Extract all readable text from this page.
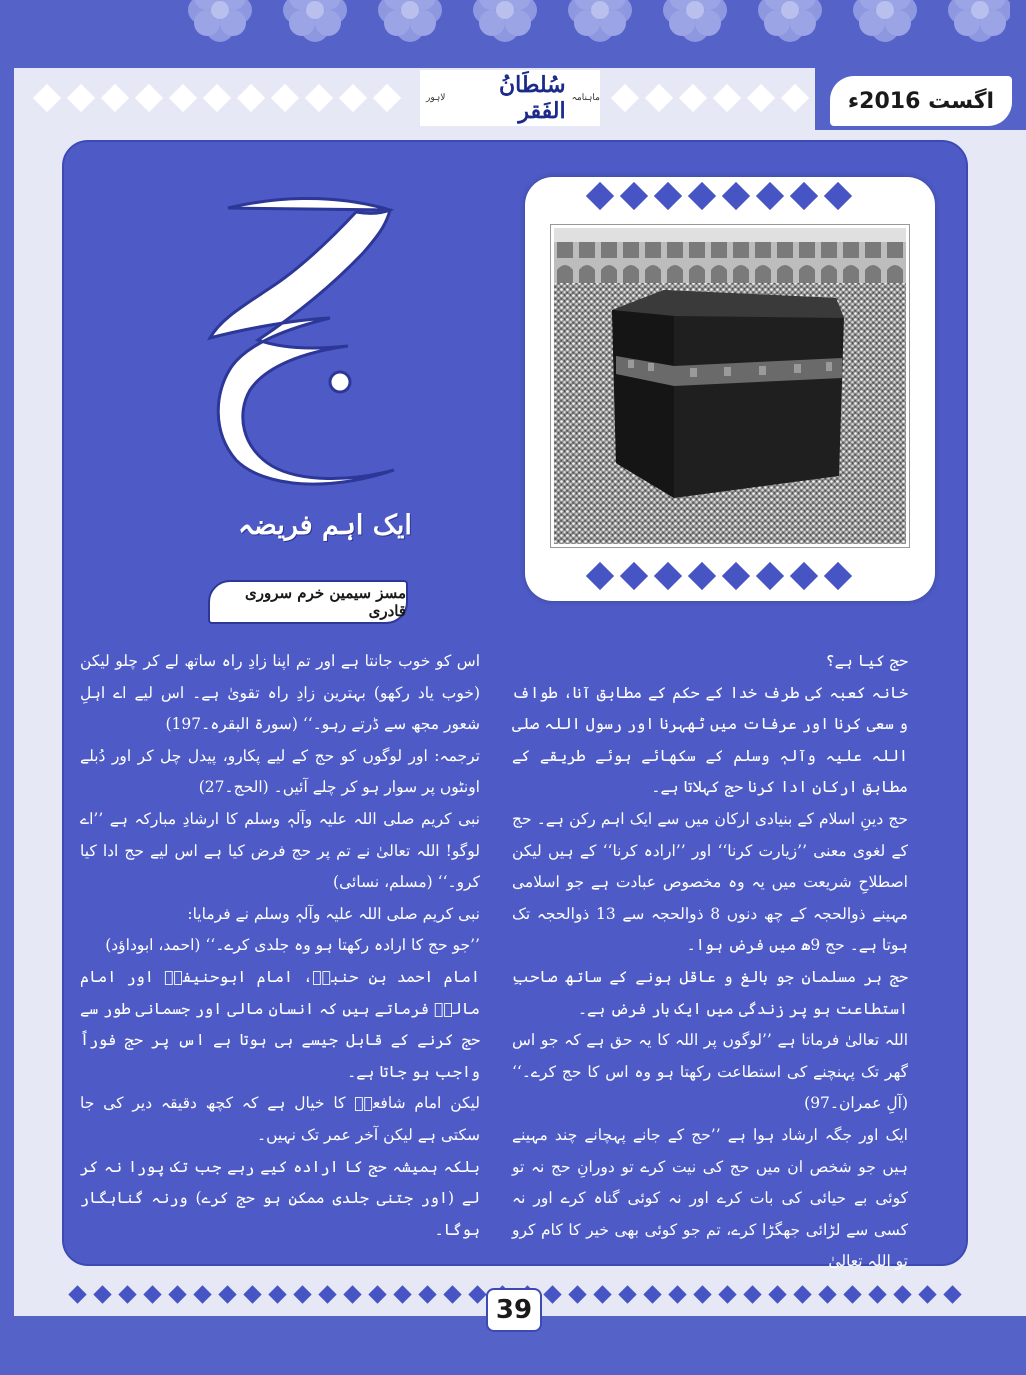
ماہنامہ
سُلطَانُ الفَقر
لاہور	اگست 2016ء
ایک اہم فریضہ
مسز سیمین خرم سروری قادری

حج کیا ہے؟

خانہ کعبہ کی طرف خدا کے حکم کے مطابق آنا، طواف و سعی کرنا اور عرفات میں ٹھہرنا اور رسول اللہ صلی اللہ علیہ وآلہٖ وسلم کے سکھائے ہوئے طریقے کے مطابق ارکان ادا کرنا حج کہلاتا ہے۔

حج دینِ اسلام کے بنیادی ارکان میں سے ایک اہم رکن ہے۔ حج کے لغوی معنی ’’زیارت کرنا‘‘ اور ’’ارادہ کرنا‘‘ کے ہیں لیکن اصطلاحِ شریعت میں یہ وہ مخصوص عبادت ہے جو اسلامی مہینے ذوالحجہ کے چھ دنوں 8 ذوالحجہ سے 13 ذوالحجہ تک ہوتا ہے۔ حج 9ھ میں فرض ہوا۔

حج ہر مسلمان جو بالغ و عاقل ہونے کے ساتھ صاحبِ استطاعت ہو پر زندگی میں ایک بار فرض ہے۔

اللہ تعالیٰ فرماتا ہے ’’لوگوں پر اللہ کا یہ حق ہے کہ جو اس گھر تک پہنچنے کی استطاعت رکھتا ہو وہ اس کا حج کرے۔‘‘ (آلِ عمران۔97)

ایک اور جگہ ارشاد ہوا ہے ’’حج کے جانے پہچانے چند مہینے ہیں جو شخص ان میں حج کی نیت کرے تو دورانِ حج نہ تو کوئی بے حیائی کی بات کرے اور نہ کوئی گناہ کرے اور نہ کسی سے لڑائی جھگڑا کرے، تم جو کوئی بھی خیر کا کام کرو تو اللہ تعالیٰ

اس کو خوب جانتا ہے اور تم اپنا زادِ راہ ساتھ لے کر چلو لیکن (خوب یاد رکھو) بہترین زادِ راہ تقویٰ ہے۔ اس لیے اے اہلِ شعور مجھ سے ڈرتے رہو۔‘‘ (سورۃ البقرہ۔197)

ترجمہ: اور لوگوں کو حج کے لیے پکارو، پیدل چل کر اور دُبلے اونٹوں پر سوار ہو کر چلے آئیں۔ (الحج۔27)

نبی کریم صلی اللہ علیہ وآلہٖ وسلم کا ارشادِ مبارکہ ہے ’’اے لوگو! اللہ تعالیٰ نے تم پر حج فرض کیا ہے اس لیے حج ادا کیا کرو۔‘‘ (مسلم، نسائی)

نبی کریم صلی اللہ علیہ وآلہٖ وسلم نے فرمایا:

’’جو حج کا ارادہ رکھتا ہو وہ جلدی کرے۔‘‘ (احمد، ابوداؤد)

امام احمد بن حنبلؒ، امام ابوحنیفہؒ اور امام مالکؒ فرماتے ہیں کہ انسان مالی اور جسمانی طور سے حج کرنے کے قابل جیسے ہی ہوتا ہے اس پر حج فوراً واجب ہو جاتا ہے۔

لیکن امام شافعیؒ کا خیال ہے کہ کچھ دقیقہ دیر کی جا سکتی ہے لیکن آخر عمر تک نہیں۔

بلکہ ہمیشہ حج کا ارادہ کیے رہے جب تک پورا نہ کر لے (اور جتنی جلدی ممکن ہو حج کرے) ورنہ گناہگار ہوگا۔

39
